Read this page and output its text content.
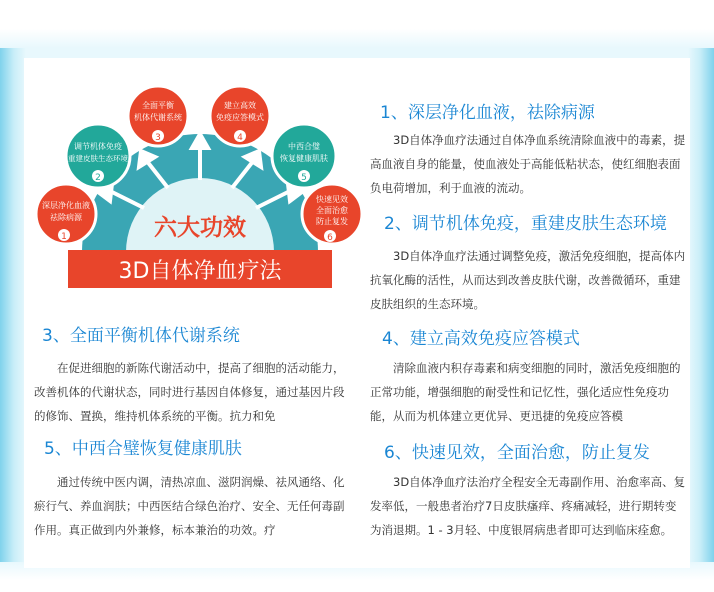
3D自体净血疗法
六大功效
全面平衡
机体代谢系统
3
建立高效
免疫应答模式
4
调节机体免疫
重建皮肤生态环境
2
中西合璧
恢复健康肌肤
5
深层净化血液
祛除病源
1
快速见效
全面治愈
防止复发
6
1、深层净化血液，祛除病源

3D自体净血疗法通过自体净血系统清除血液中的毒素，提高血液自身的能量，使血液处于高能低粘状态，使红细胞表面负电荷增加，利于血液的流动。

2、调节机体免疫，重建皮肤生态环境

3D自体净血疗法通过调整免疫，激活免疫细胞，提高体内抗氧化酶的活性，从而达到改善皮肤代谢，改善微循环，重建皮肤组织的生态环境。

3、全面平衡机体代谢系统

在促进细胞的新陈代谢活动中，提高了细胞的活动能力，改善机体的代谢状态，同时进行基因自体修复，通过基因片段的修饰、置换，维持机体系统的平衡。抗力和免

4、建立高效免疫应答模式

清除血液内积存毒素和病变细胞的同时，激活免疫细胞的正常功能，增强细胞的耐受性和记忆性，强化适应性免疫功能，从而为机体建立更优异、更迅捷的免疫应答模

5、中西合璧恢复健康肌肤

通过传统中医内调，清热凉血、滋阴润燥、祛风通络、化瘀行气、养血润肤；中西医结合绿色治疗、安全、无任何毒副作用。真正做到内外兼修，标本兼治的功效。疗

6、快速见效，全面治愈，防止复发

3D自体净血疗法治疗全程安全无毒副作用、治愈率高、复发率低，一般患者治疗7日皮肤瘙痒、疼痛减轻，进行期转变为消退期。1 - 3月轻、中度银屑病患者即可达到临床痊愈。
